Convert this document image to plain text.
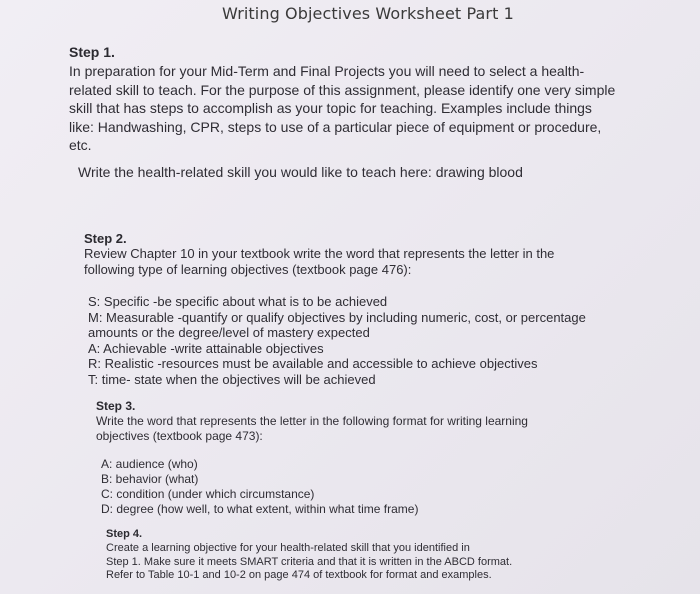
Writing Objectives Worksheet Part 1
Step 1.
In preparation for your Mid-Term and Final Projects you will need to select a health-
related skill to teach. For the purpose of this assignment, please identify one very simple
skill that has steps to accomplish as your topic for teaching. Examples include things
like: Handwashing, CPR, steps to use of a particular piece of equipment or procedure,
etc.
Write the health-related skill you would like to teach here: drawing blood
Step 2.
Review Chapter 10 in your textbook write the word that represents the letter in the
following type of learning objectives (textbook page 476):
S: Specific -be specific about what is to be achieved
M: Measurable -quantify or qualify objectives by including numeric, cost, or percentage
amounts or the degree/level of mastery expected
A: Achievable -write attainable objectives
R: Realistic -resources must be available and accessible to achieve objectives
T: time- state when the objectives will be achieved
Step 3.
Write the word that represents the letter in the following format for writing learning
objectives (textbook page 473):
A: audience (who)
B: behavior (what)
C: condition (under which circumstance)
D: degree (how well, to what extent, within what time frame)
Step 4.
Create a learning objective for your health-related skill that you identified in
Step 1. Make sure it meets SMART criteria and that it is written in the ABCD format.
Refer to Table 10-1 and 10-2 on page 474 of textbook for format and examples.
